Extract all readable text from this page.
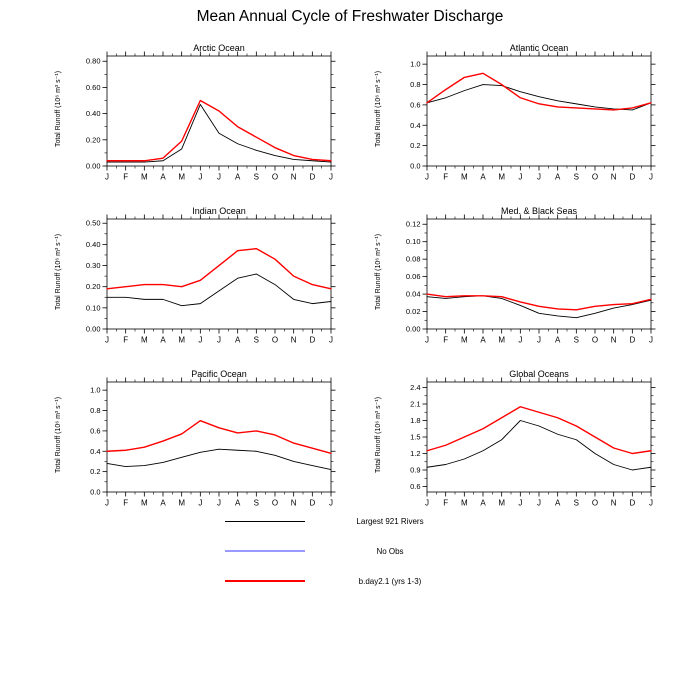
Mean Annual Cycle of Freshwater Discharge
Arctic Ocean
Total Runoff (10⁶ m³ s⁻¹)
J F M A M J J A S O N D J
0.00
0.20
0.40
0.60
0.80
Atlantic Ocean
Total Runoff (10⁶ m³ s⁻¹)
J F M A M J J A S O N D J
0.0
0.2
0.4
0.6
0.8
1.0
Indian Ocean
Total Runoff (10⁶ m³ s⁻¹)
J F M A M J J A S O N D J
0.00
0.10
0.20
0.30
0.40
0.50
Med. & Black Seas
Total Runoff (10⁶ m³ s⁻¹)
J F M A M J J A S O N D J
0.00
0.02
0.04
0.06
0.08
0.10
0.12
Pacific Ocean
Total Runoff (10⁶ m³ s⁻¹)
J F M A M J J A S O N D J
0.0
0.2
0.4
0.6
0.8
1.0
Global Oceans
Total Runoff (10⁶ m³ s⁻¹)
J F M A M J J A S O N D J
0.6
0.9
1.2
1.5
1.8
2.1
2.4
Largest 921 Rivers
No Obs
b.day2.1 (yrs 1-3)
